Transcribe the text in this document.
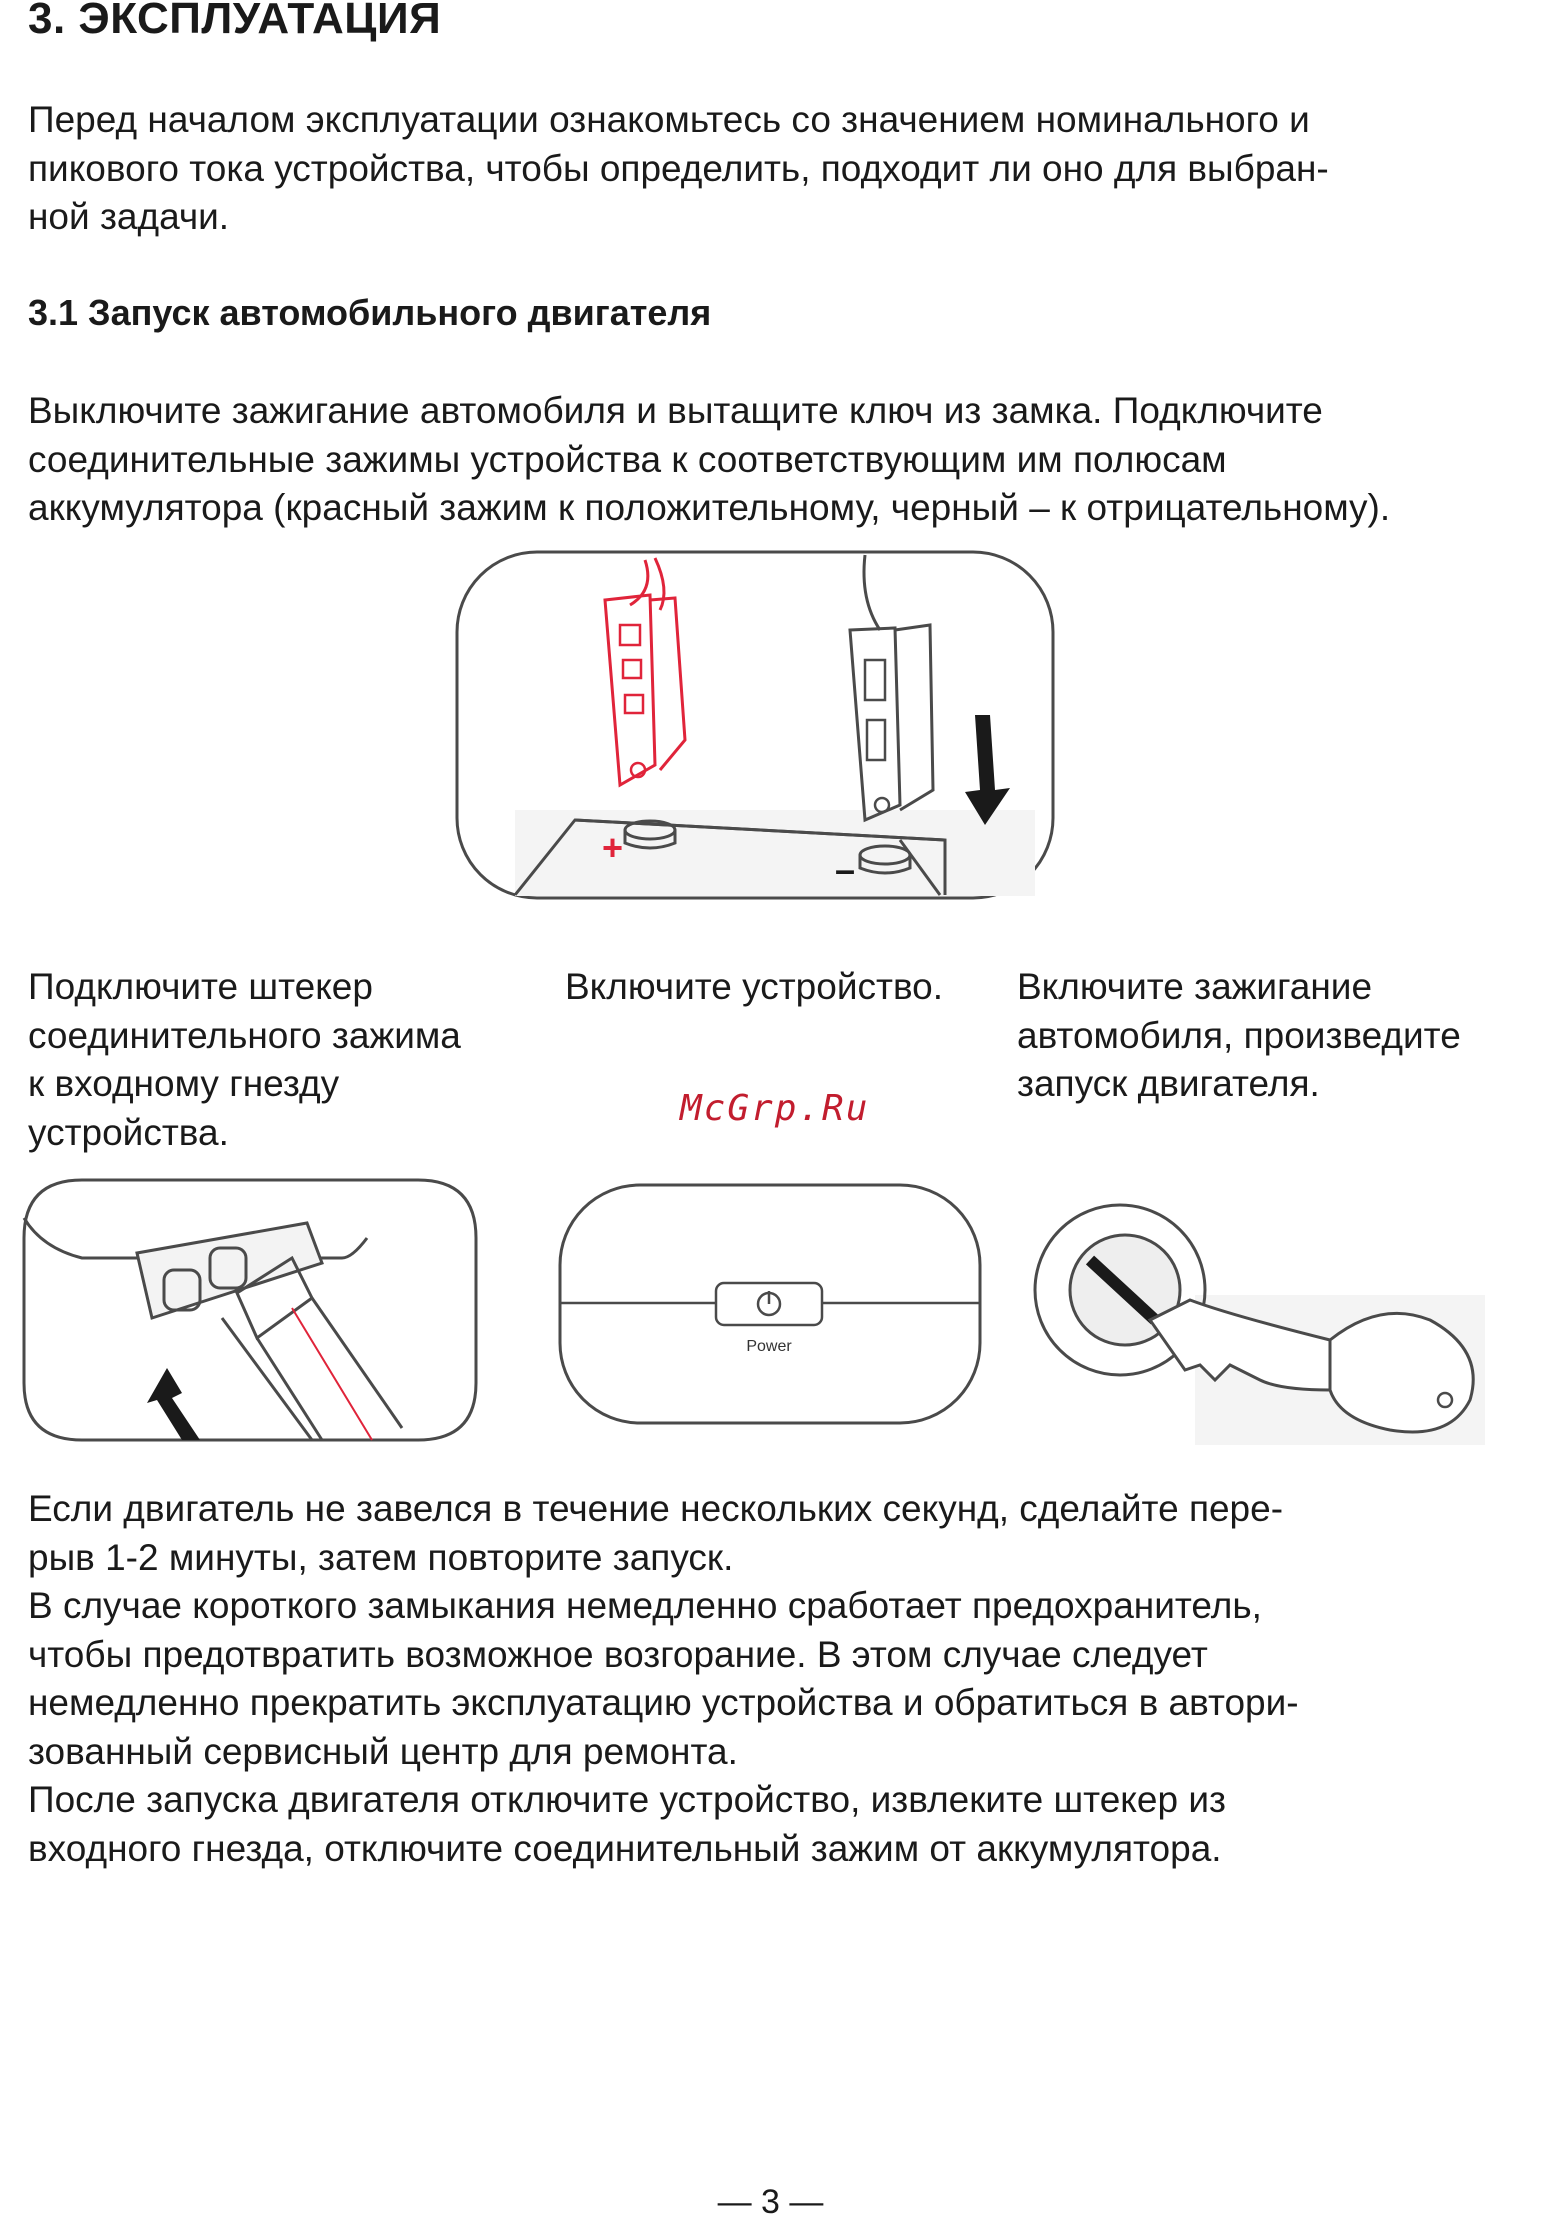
3. ЭКСПЛУАТАЦИЯ
Перед началом эксплуатации ознакомьтесь со значением номинального и
пикового тока устройства, чтобы определить, подходит ли оно для выбран-
ной задачи.
3.1 Запуск автомобильного двигателя
Выключите зажигание автомобиля и вытащите ключ из замка. Подключите
соединительные зажимы устройства к соответствующим им полюсам
аккумулятора (красный зажим к положительному, черный – к отрицательному).
+
–
Подключите штекер
соединительного зажима
к входному гнезду
устройства.
Включите устройство. Включите зажигание
автомобиля, произведите
запуск двигателя.
McGrp.Ru
Power
Если двигатель не завелся в течение нескольких секунд, сделайте пере-
рыв 1-2 минуты, затем повторите запуск.
В случае короткого замыкания немедленно сработает предохранитель,
чтобы предотвратить возможное возгорание. В этом случае следует
немедленно прекратить эксплуатацию устройства и обратиться в автори-
зованный сервисный центр для ремонта.
После запуска двигателя отключите устройство, извлеките штекер из
входного гнезда, отключите соединительный зажим от аккумулятора.
— 3 —
